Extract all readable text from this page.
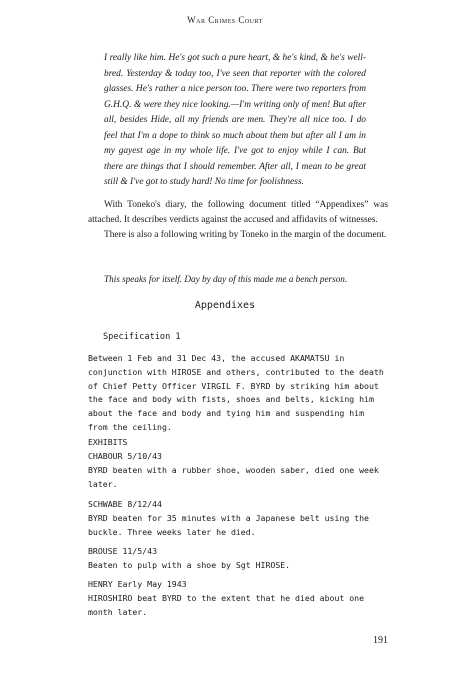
War Crimes Court

I really like him. He's got such a pure heart, & he's kind, & he's well-bred. Yesterday & today too, I've seen that reporter with the colored glasses. He's rather a nice person too. There were two reporters from G.H.Q. & were they nice looking.—I'm writing only of men! But after all, besides Hide, all my friends are men. They're all nice too. I do feel that I'm a dope to think so much about them but after all I am in my gayest age in my whole life. I've got to enjoy while I can. But there are things that I should remember. After all, I mean to be great still & I've got to study hard! No time for foolishness.

With Toneko's diary, the following document titled “Appendixes” was attached. It describes verdicts against the accused and affidavits of witnesses.

There is also a following writing by Toneko in the margin of the document.

This speaks for itself. Day by day of this made me a bench person.

Appendixes
Specification 1

Between 1 Feb and 31 Dec 43, the accused AKAMATSU in conjunction with HIROSE and others, contributed to the death of Chief Petty Officer VIRGIL F. BYRD by striking him about the face and body with fists, shoes and belts, kicking him about the face and body and tying him and suspending him from the ceiling.

EXHIBITS

CHABOUR 5/10/43

BYRD beaten with a rubber shoe, wooden saber, died one week later.

SCHWABE 8/12/44

BYRD beaten for 35 minutes with a Japanese belt using the buckle. Three weeks later he died.

BROUSE 11/5/43

Beaten to pulp with a shoe by Sgt HIROSE.

HENRY Early May 1943

HIROSHIRO beat BYRD to the extent that he died about one month later.

191
